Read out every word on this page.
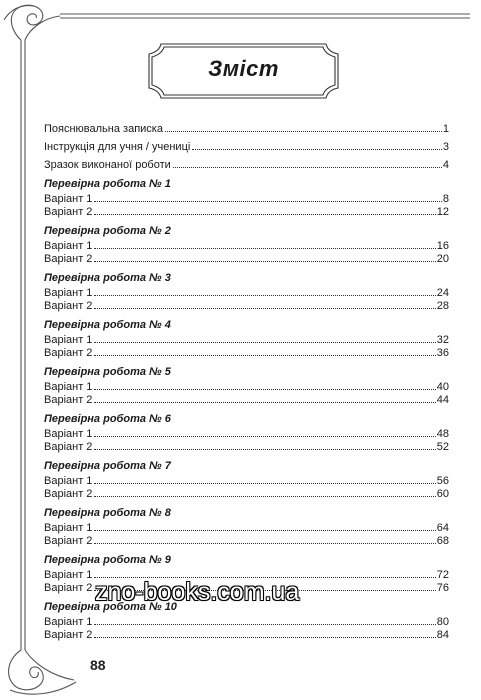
Зміст
Пояснювальна записка	1
Інструкція для учня / учениці	3
Зразок виконаної роботи	4
Перевірна робота № 1
Варіант 1	8
Варіант 2	12
Перевірна робота № 2
Варіант 1	16
Варіант 2	20
Перевірна робота № 3
Варіант 1	24
Варіант 2	28
Перевірна робота № 4
Варіант 1	32
Варіант 2	36
Перевірна робота № 5
Варіант 1	40
Варіант 2	44
Перевірна робота № 6
Варіант 1	48
Варіант 2	52
Перевірна робота № 7
Варіант 1	56
Варіант 2	60
Перевірна робота № 8
Варіант 1	64
Варіант 2	68
Перевірна робота № 9
Варіант 1	72
Варіант 2	76
Перевірна робота № 10
Варіант 1	80
Варіант 2	84
zno-books.com.ua
88
